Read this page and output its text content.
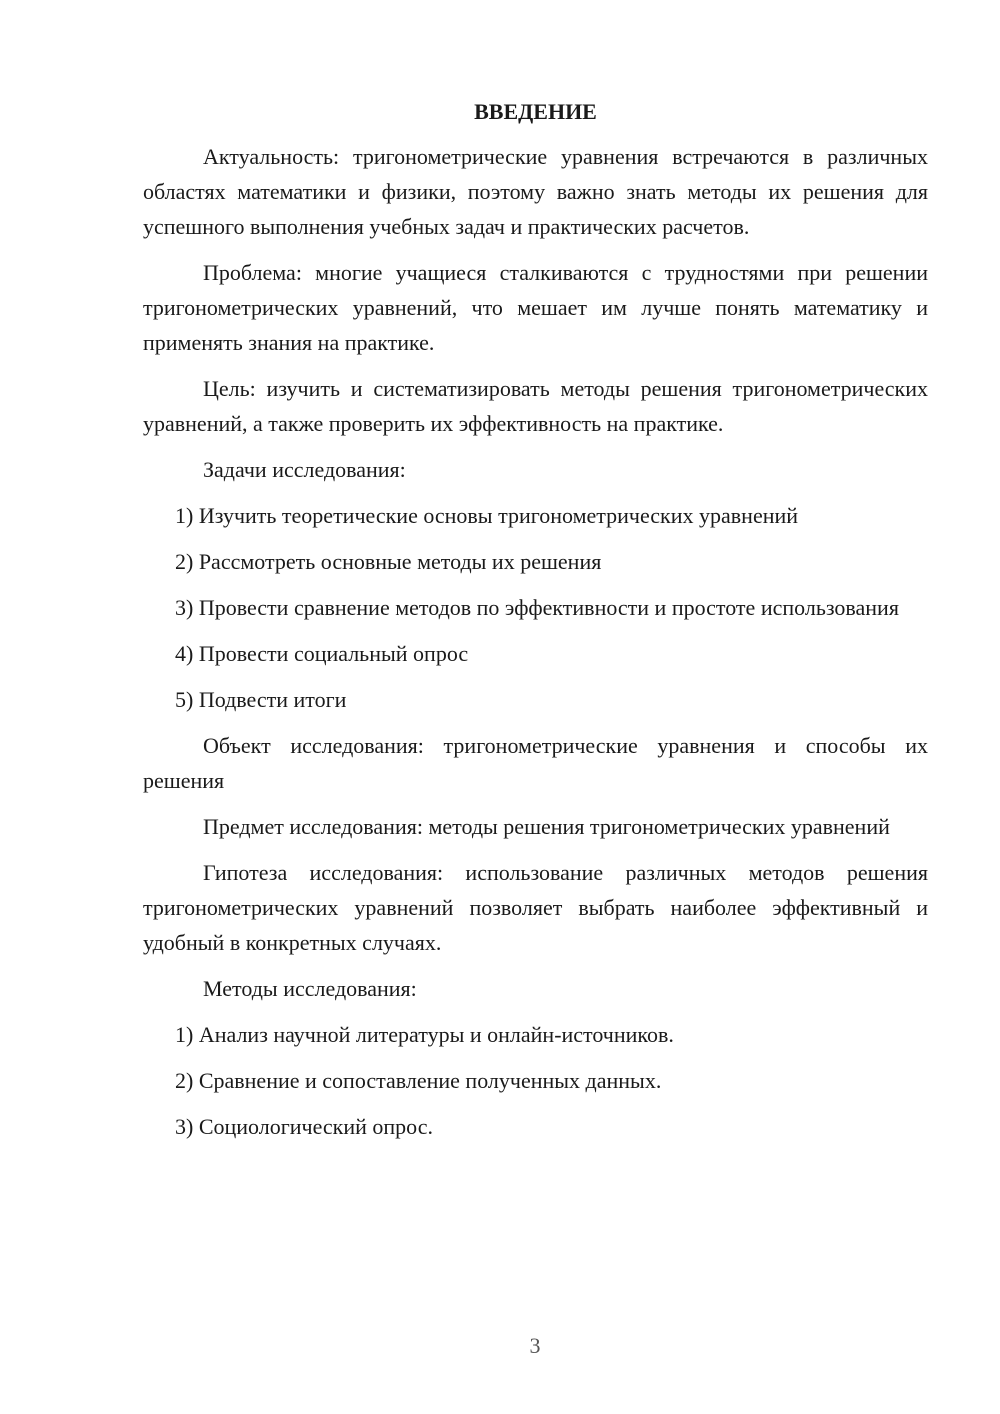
ВВЕДЕНИЕ

Актуальность: тригонометрические уравнения встречаются в различных областях математики и физики, поэтому важно знать методы их решения для успешного выполнения учебных задач и практических расчетов.

Проблема: многие учащиеся сталкиваются с трудностями при решении тригонометрических уравнений, что мешает им лучше понять математику и применять знания на практике.

Цель: изучить и систематизировать методы решения тригонометрических уравнений, а также проверить их эффективность на практике.

Задачи исследования:

1) Изучить теоретические основы тригонометрических уравнений

2) Рассмотреть основные методы их решения

3) Провести сравнение методов по эффективности и простоте использования

4) Провести социальный опрос

5) Подвести итоги

Объект исследования: тригонометрические уравнения и способы их решения

Предмет исследования: методы решения тригонометрических уравнений

Гипотеза исследования: использование различных методов решения тригонометрических уравнений позволяет выбрать наиболее эффективный и удобный в конкретных случаях.

Методы исследования:

1) Анализ научной литературы и онлайн-источников.

2) Сравнение и сопоставление полученных данных.

3) Социологический опрос.

3
